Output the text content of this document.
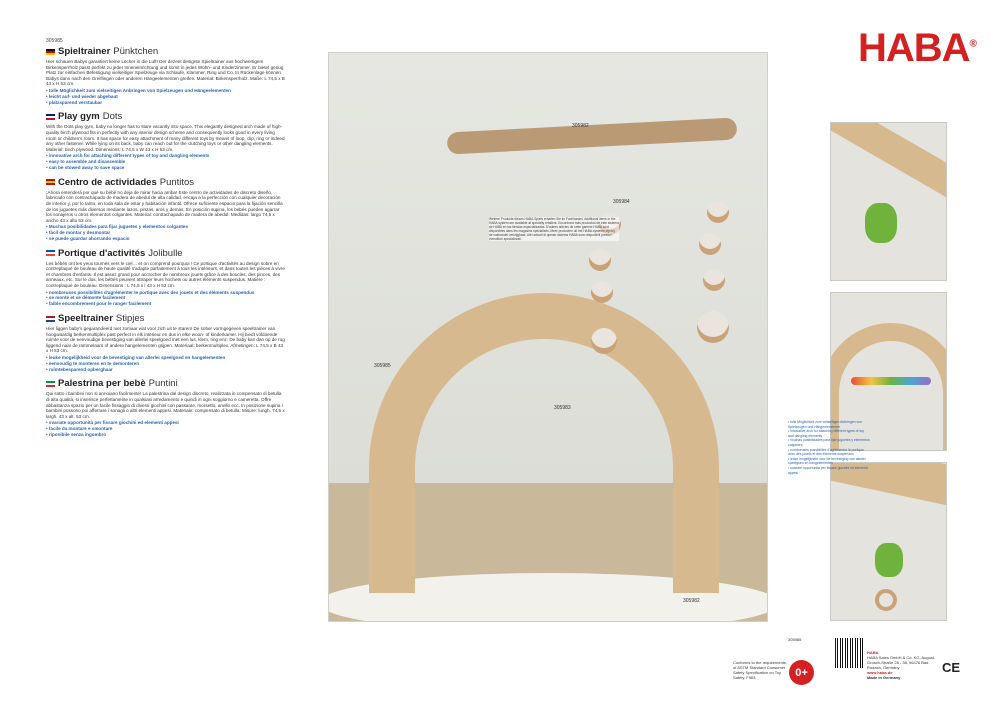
305985
Spieltrainer Pünktchen

Hier schauen Babys garantiert keine Löcher in die Luft! Der dezent designte Spieltrainer aus hochwertigem Birkensperrholz passt perfekt zu jeder Inneneinrichtung und somit in jedes Wohn- und Kinderzimmer. Er bietet genug Platz zur einfachen Befestigung vielseitiger Spielzeuge via Schlaufe, Klammer, Ring und Co. In Rückenlage können Babys dann nach den Greiflingen oder anderen Hängeelementen greifen. Material: Birkensperrholz. Maße: L 74,5 x B 43 x H 53 cm.

• tolle Möglichkeit zum vielseitigen Anbringen von Spielzeugen und Hängeelementen
• leicht auf- und wieder abgebaut
• platzsparend verstaubar
Play gym Dots

With the Dots play gym, baby no longer has to stare vacantly into space. This elegantly designed arch made of high-quality birch plywood fits in perfectly with any interior design scheme and consequently looks good in every living room or children's room. It has space for easy attachment of many different toys by means of loop, clip, ring or indeed any other fastener. While lying on its back, baby can reach out for the clutching toys or other dangling elements. Material: birch plywood. Dimensions: L 74,5 x W 43 x H 53 cm.

• innovative arch for attaching different types of toy and dangling elements
• easy to assemble and disassemble
• can be stowed away to save space
Centro de actividades Puntitos

¡Ahora entenderá por qué su bebé no deja de mirar hacia arriba! Este centro de actividades de discreto diseño, fabricado con contrachapado de madera de abedul de alta calidad, encaja a la perfección con cualquier decoración de interior y, por lo tanto, en toda sala de estar y habitación infantil. Ofrece suficiente espacio para la fijación sencilla de los juguetes más diversos mediante lazos, pinzas, aros y demás. En posición supina, los bebés pueden agarrar los sonajeros u otros elementos colgantes. Material: contrachapado de madera de abedul. Medidas: largo 74,5 x ancho 43 x alto 53 cm.

• Muchas posibilidades para fijar juguetes y elementos colgantes
• fácil de montar y desmontar
• se puede guardar ahorrando espacio
Portique d'activités Jolibulle

Les bébés ont les yeux tournés vers le ciel… et on comprend pourquoi ! Ce portique d'activités au design sobre en contreplaqué de bouleau de haute qualité s'adapte parfaitement à tous les intérieurs, et dans toutes les pièces à vivre et chambres d'enfants. Il est assez grand pour accrocher de nombreux jouets grâce à des boucles, des pinces, des anneaux, etc. Sur le dos, les bébés peuvent attraper leurs hochets ou autres éléments suspendus. Matière : contreplaqué de bouleau. Dimensions : L 74,5 x l 43 x H 53 cm.

• nombreuses possibilités d'agrémenter le portique avec des jouets et des éléments suspendus
• se monte et se démonte facilement
• faible encombrement pour le ranger facilement
Speeltrainer Stipjes

Hier liggen baby's gegarandeerd niet zomaar wat voor zich uit te staren! De sober vormgegeven speeltrainer van hoogwaardig berkenmultiplex past perfect in elk interieur en dus in elke woon- of kinderkamer. Hij biedt voldoende ruimte voor de eenvoudige bevestiging van allerlei speelgoed met een lus, klem, ring enz. De baby kan dan op de rug liggend naar de rammelaars of andere hangelementen grijpen. Materiaal: berkenmultiplex. Afmetingen: L 74,5 x B 43 x H 53 cm.

• leuke mogelijkheid voor de bevestiging van allerlei speelgoed en hangelementen
• eenvoudig te monteren en te demonteren
• ruimtebesparend opberghaar
Palestrina per bebè Puntini

Qui sotto i bambini non si annoiano facilmente! La palestrina dal design discreto, realizzata in compensato di betulla di alta qualità, si inserisce perfettamente in qualsiasi arredamento e quindi in ogni soggiorno e cameretta. Offre abbastanza spazio per un facile fissaggio di diversi giochini con passante, morsetto, anello ecc. In posizione supina i bambini possono poi afferrare i sonagli o altri elementi appesi. Materiale: compensato di betulla. Misure: lungh. 74,5 x largh. 43 x alt. 53 cm.

• svariate opportunità per fissare giochini ed elementi appesi
• facile da montare e smontare
• riponibile senza ingombro
305982
305984
305985
305983
305982
Weitere Produkte dieses HABA-Spiels erhalten Sie im Fachhandel. Additional items in the HABA system are available at specialty retailers. Encontrará más productos de este sistema de HABA en las tiendas especializadas. D'autres articles de cette gamme HABA sont disponibles dans les magasins spécialisés. Meer producten uit het HABA-systeem zijn bij de vakhandel verkrijgbaar. Altri articoli di questo sistema HABA sono disponibili presso i rivenditori specializzati.
HABA®
• tolle Möglichkeit zum vielseitigen Anbringen von Spielzeugen und Hängeelementen
• innovative arch for attaching different types of toy and dangling elements
• muchas posibilidades para fijar juguetes y elementos colgantes
• nombreuses possibilités d'agrémenter le portique avec des jouets et des éléments suspendus
• leuke mogelijkheid voor de bevestiging van allerlei speelgoed en hangelementen
• svariate opportunità per fissare giochini ed elementi appesi
305985
Conforms to the requirements of ASTM Standard Consumer Safety Specification on Toy Safety, F963.	0+
HABA
HABA Sales GmbH & Co. KG, August-Grosch-Straße 28 - 38, 96476 Bad Rodach, Germany
www.haba.de
Made in Germany
CE
